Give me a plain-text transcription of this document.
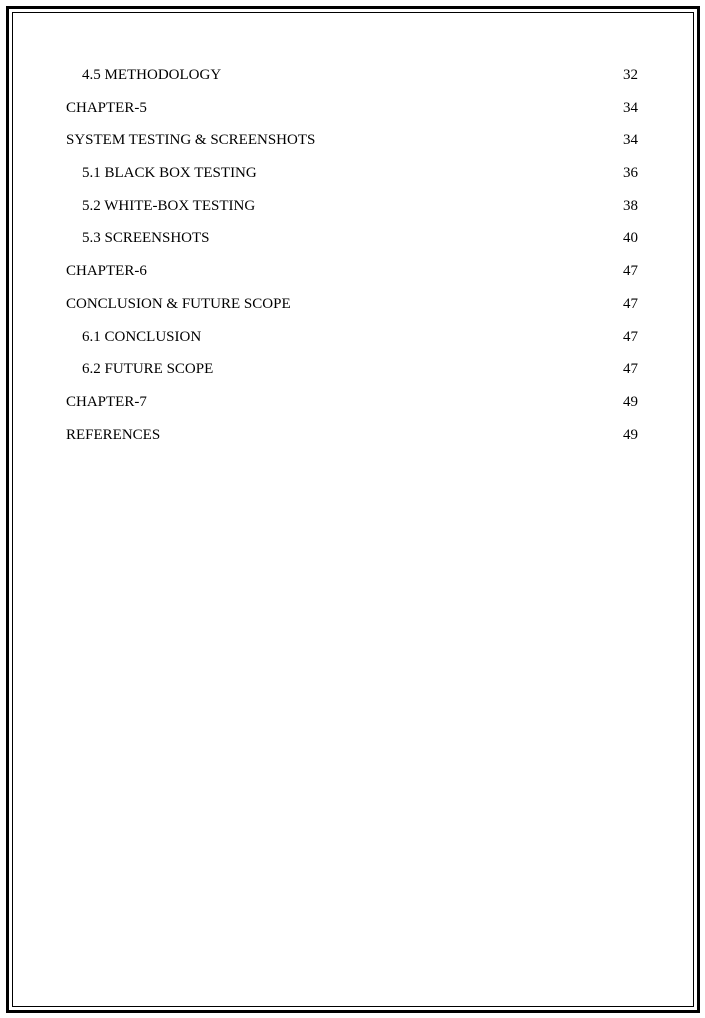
4.5 METHODOLOGY	32
CHAPTER-5	34
SYSTEM TESTING & SCREENSHOTS	34
5.1 BLACK BOX TESTING	36
5.2 WHITE-BOX TESTING	38
5.3 SCREENSHOTS	40
CHAPTER-6	47
CONCLUSION & FUTURE SCOPE	47
6.1 CONCLUSION	47
6.2 FUTURE SCOPE	47
CHAPTER-7	49
REFERENCES	49
